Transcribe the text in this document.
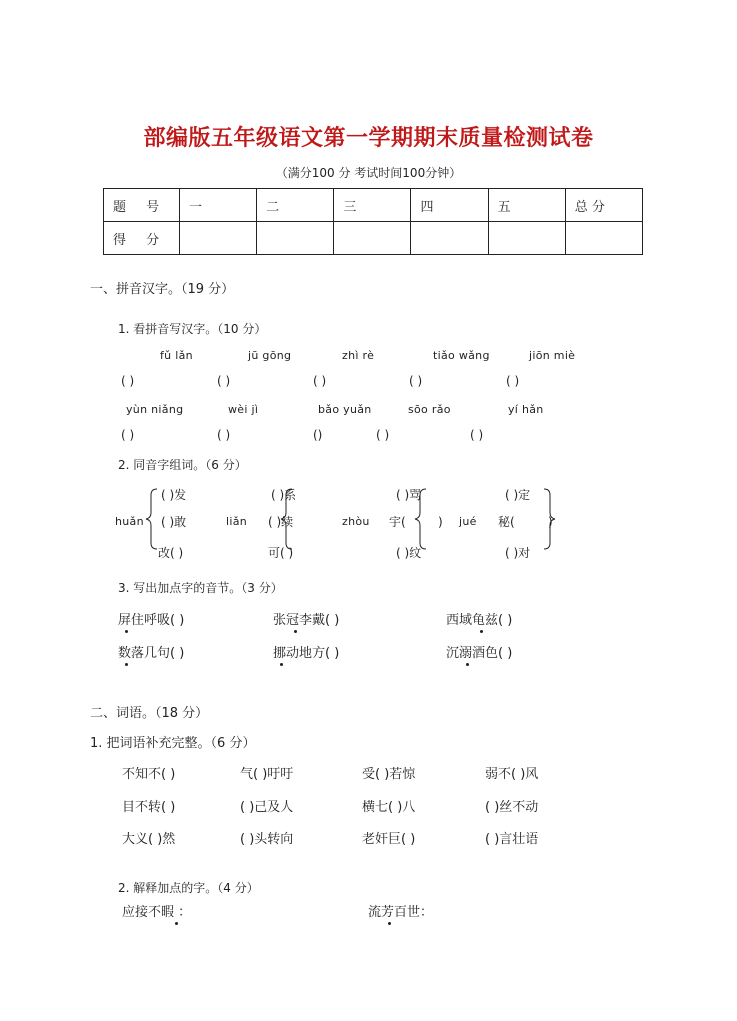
部编版五年级语文第一学期期末质量检测试卷
（满分100 分 考试时间100分钟）
题 号	一	二	三	四	五	总 分
得 分						
一、拼音汉字。（19 分）
1. 看拼音写汉字。（10 分）
fǔ lǎn	jū gōng	zhì rè	tiǎo wǎng	jiōn miè
( )	( )	( )	( )	( )
yùn niǎng	wèi jì	bǎo yuǎn	sōo rǎo	yí hǎn
( )	( )	()	( )	( )
2. 同音字组词。（6 分）
huǎn
( )发
( )敢
改( )
liǎn
( )系
( )续
可( )
zhòu 宇(
( )骂
)
( )纹
jué 秘(
( )定
)
( )对
3. 写出加点字的音节。（3 分）
屏住呼吸( )	张冠李戴( )	西域龟兹( )
数落几句( )	挪动地方( )	沉溺酒色( )
二、词语。（18 分）
1. 把词语补充完整。（6 分）
不知不( )	气( )吁吁	受( )若惊	弱不( )风
目不转( )	( )己及人	横七( )八	( )丝不动
大义( )然	( )头转向	老奸巨( )	( )言壮语
2. 解释加点的字。（4 分）
应接不暇 ：	流芳百世：
